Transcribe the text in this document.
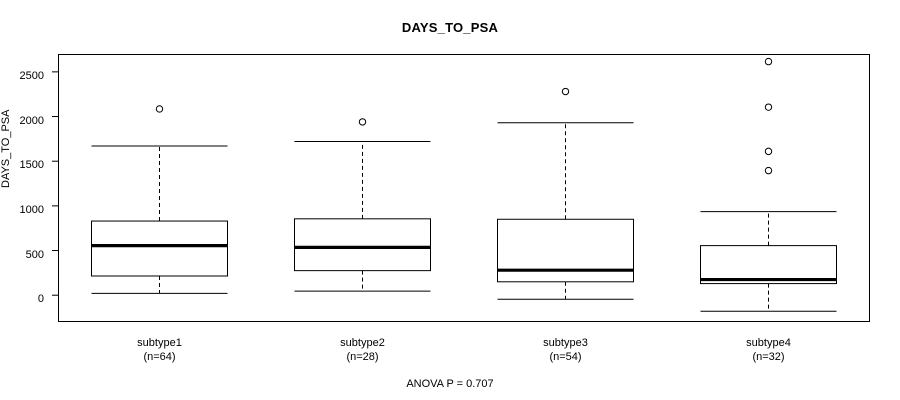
DAYS_TO_PSA
DAYS_TO_PSA
0
500
1000
1500
2000
2500
subtype1
(n=64)
subtype2
(n=28)
subtype3
(n=54)
subtype4
(n=32)
ANOVA P = 0.707
